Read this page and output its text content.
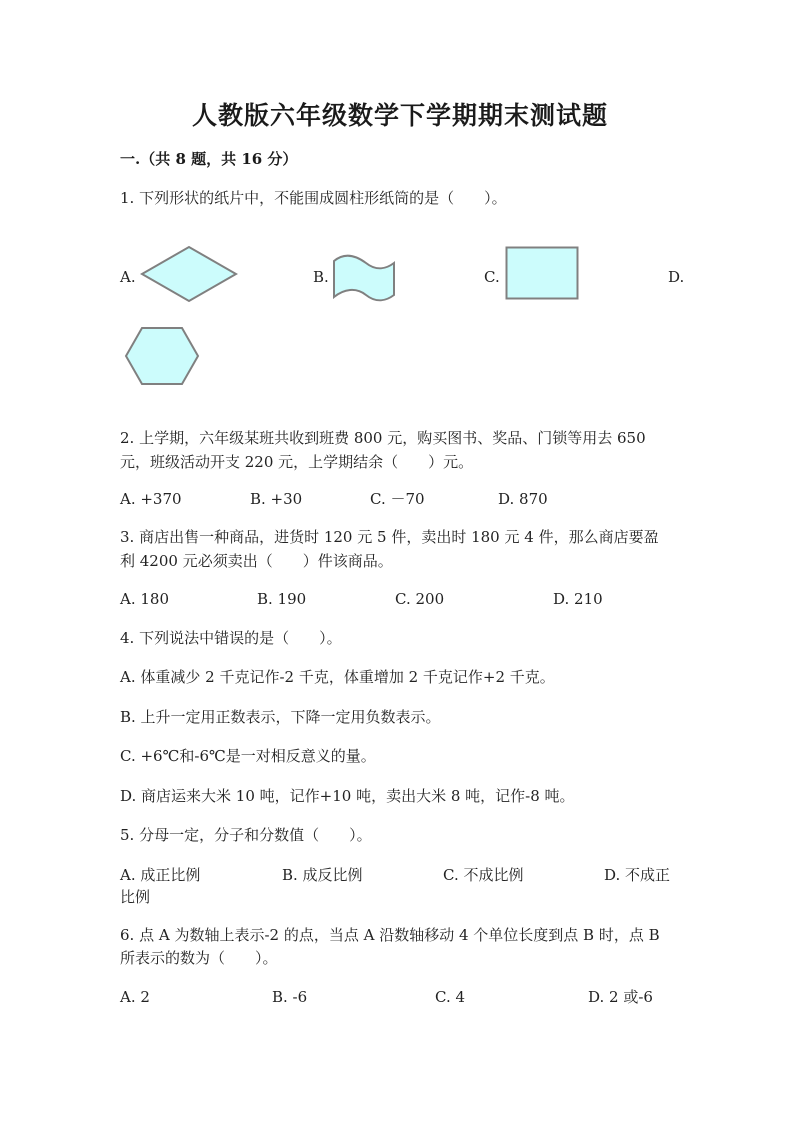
人教版六年级数学下学期期末测试题
一.（共 8 题，共 16 分）
1. 下列形状的纸片中，不能围成圆柱形纸筒的是（　　）。
A.	B.	C.	D.
2. 上学期，六年级某班共收到班费 800 元，购买图书、奖品、门锁等用去 650
元，班级活动开支 220 元，上学期结余（　　）元。
A. +370	B. +30	C. －70	D. 870
3. 商店出售一种商品，进货时 120 元 5 件，卖出时 180 元 4 件，那么商店要盈
利 4200 元必须卖出（　　）件该商品。
A. 180	B. 190	C. 200	D. 210
4. 下列说法中错误的是（　　）。
A. 体重减少 2 千克记作-2 千克，体重增加 2 千克记作+2 千克。
B. 上升一定用正数表示，下降一定用负数表示。
C. +6℃和-6℃是一对相反意义的量。
D. 商店运来大米 10 吨，记作+10 吨，卖出大米 8 吨，记作-8 吨。
5. 分母一定，分子和分数值（　　）。
A. 成正比例	B. 成反比例	C. 不成比例	D. 不成正
比例
6. 点 A 为数轴上表示-2 的点，当点 A 沿数轴移动 4 个单位长度到点 B 时，点 B
所表示的数为（　　）。
A. 2	B. -6	C. 4	D. 2 或-6
